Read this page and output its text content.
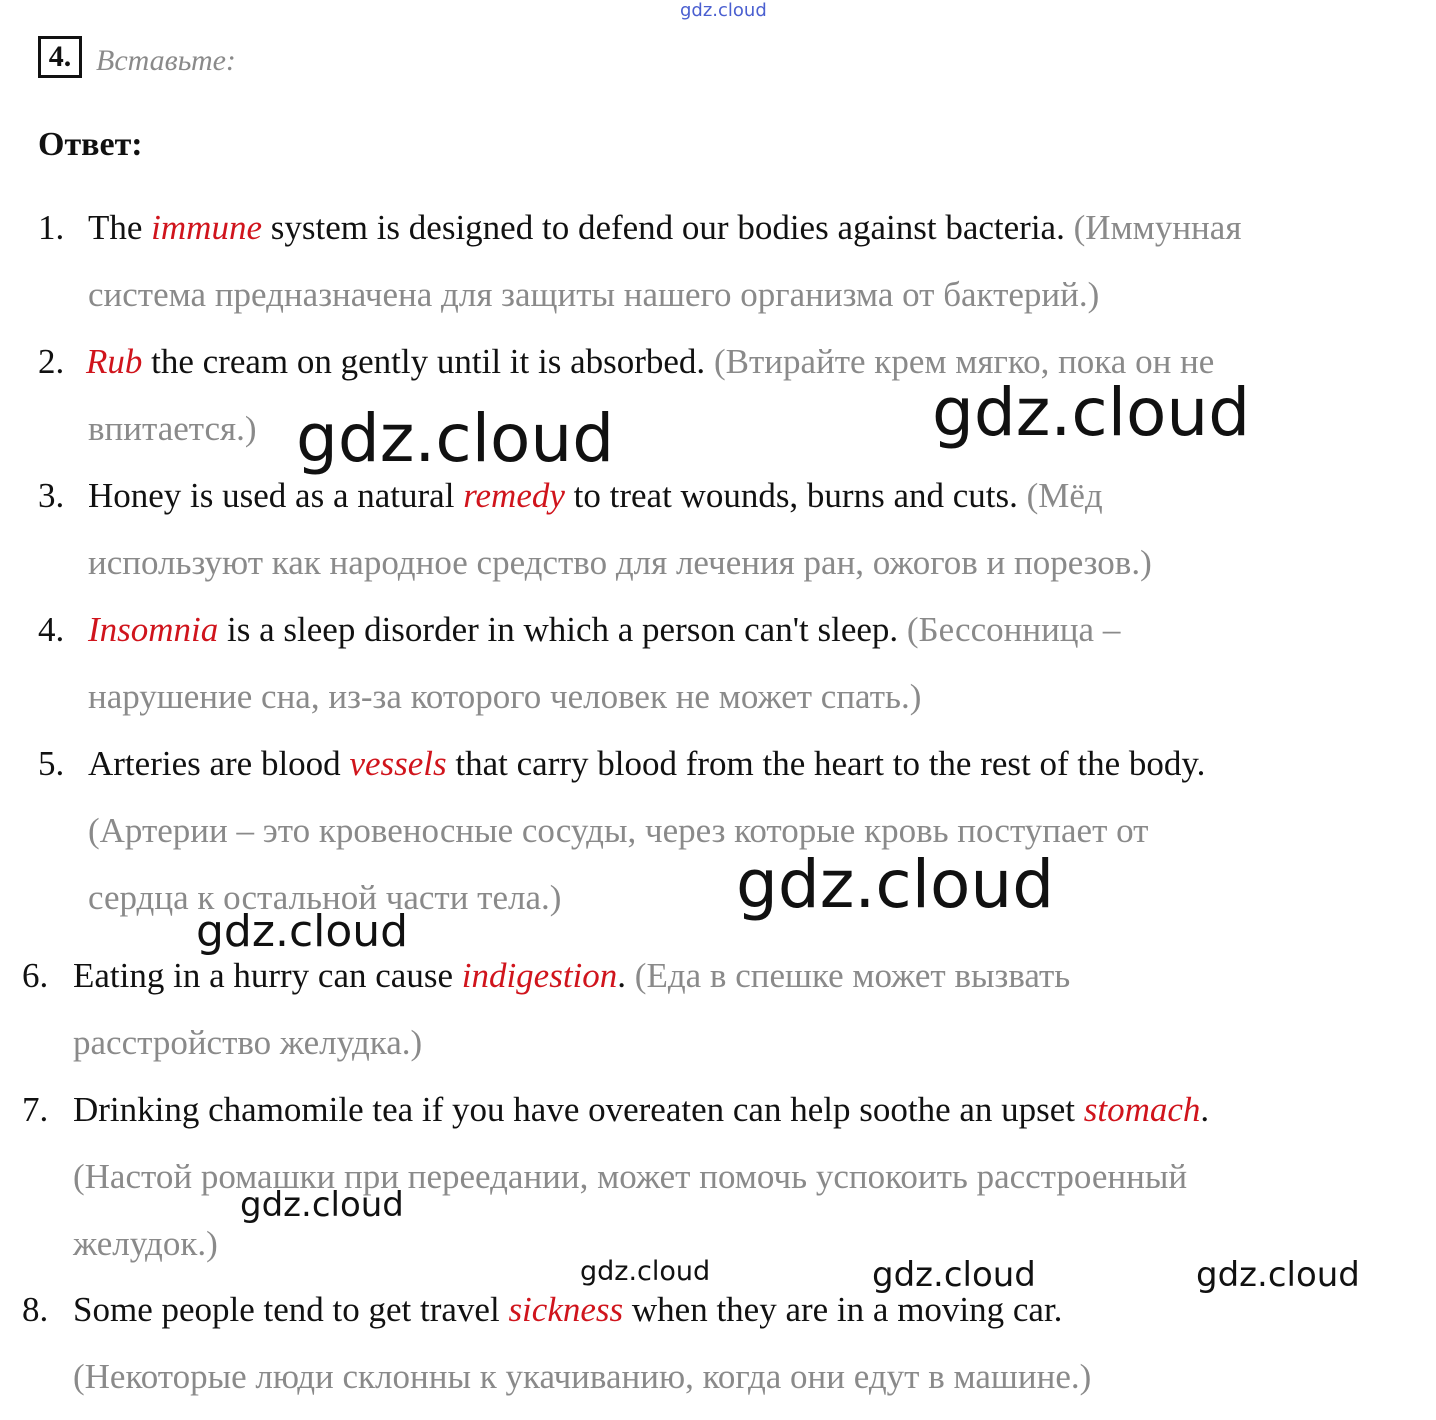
gdz.cloud
4. Вставьте:
Ответ:
1. The immune system is designed to defend our bodies against bacteria. (Иммунная
система предназначена для защиты нашего организма от бактерий.)
2. Rub the cream on gently until it is absorbed. (Втирайте крем мягко, пока он не
впитается.)
3. Honey is used as a natural remedy to treat wounds, burns and cuts. (Мёд
используют как народное средство для лечения ран, ожогов и порезов.)
4. Insomnia is a sleep disorder in which a person can't sleep. (Бессонница –
нарушение сна, из-за которого человек не может спать.)
5. Arteries are blood vessels that carry blood from the heart to the rest of the body.
(Артерии – это кровеносные сосуды, через которые кровь поступает от
сердца к остальной части тела.)
6. Eating in a hurry can cause indigestion. (Еда в спешке может вызвать
расстройство желудка.)
7. Drinking chamomile tea if you have overeaten can help soothe an upset stomach.
(Настой ромашки при переедании, может помочь успокоить расстроенный
желудок.)
8. Some people tend to get travel sickness when they are in a moving car.
(Некоторые люди склонны к укачиванию, когда они едут в машине.)
gdz.cloud	gdz.cloud
gdz.cloud
gdz.cloud
gdz.cloud
gdz.cloud	gdz.cloud	gdz.cloud
